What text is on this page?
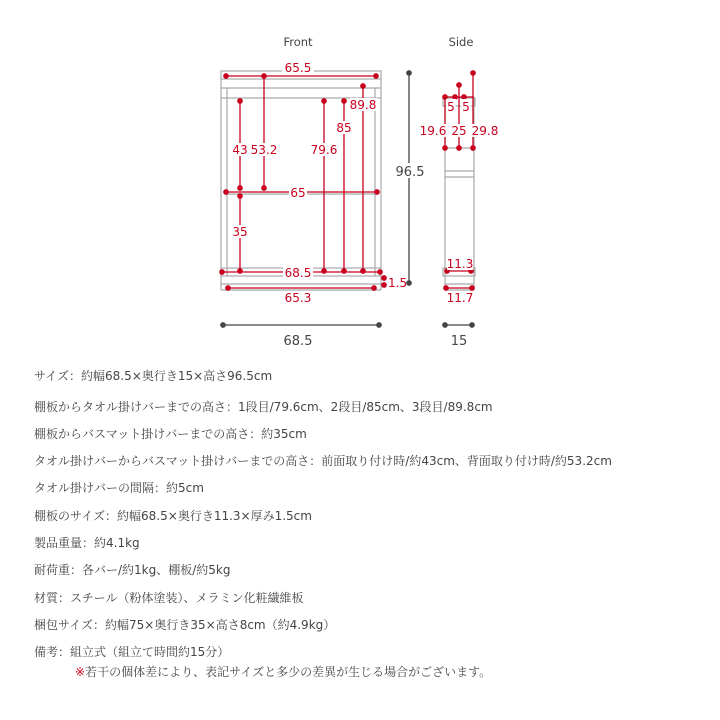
Front
65.5
89.8
85
79.6
53.2
43
65
35
68.5
1.5
65.3
68.5
96.5
Side
5 5
19.6 25 29.8
11.3
11.7
15
サイズ：約幅68.5×奥行き15×高さ96.5cm
棚板からタオル掛けバーまでの高さ：1段目/79.6cm、2段目/85cm、3段目/89.8cm
棚板からバスマット掛けバーまでの高さ：約35cm
タオル掛けバーからバスマット掛けバーまでの高さ：前面取り付け時/約43cm、背面取り付け時/約53.2cm
タオル掛けバーの間隔：約5cm
棚板のサイズ：約幅68.5×奥行き11.3×厚み1.5cm
製品重量：約4.1kg
耐荷重：各バー/約1kg、棚板/約5kg
材質：スチール（粉体塗装）、メラミン化粧繊維板
梱包サイズ：約幅75×奥行き35×高さ8cm（約4.9kg）
備考：組立式（組立て時間約15分）
※若干の個体差により、表記サイズと多少の差異が生じる場合がございます。
